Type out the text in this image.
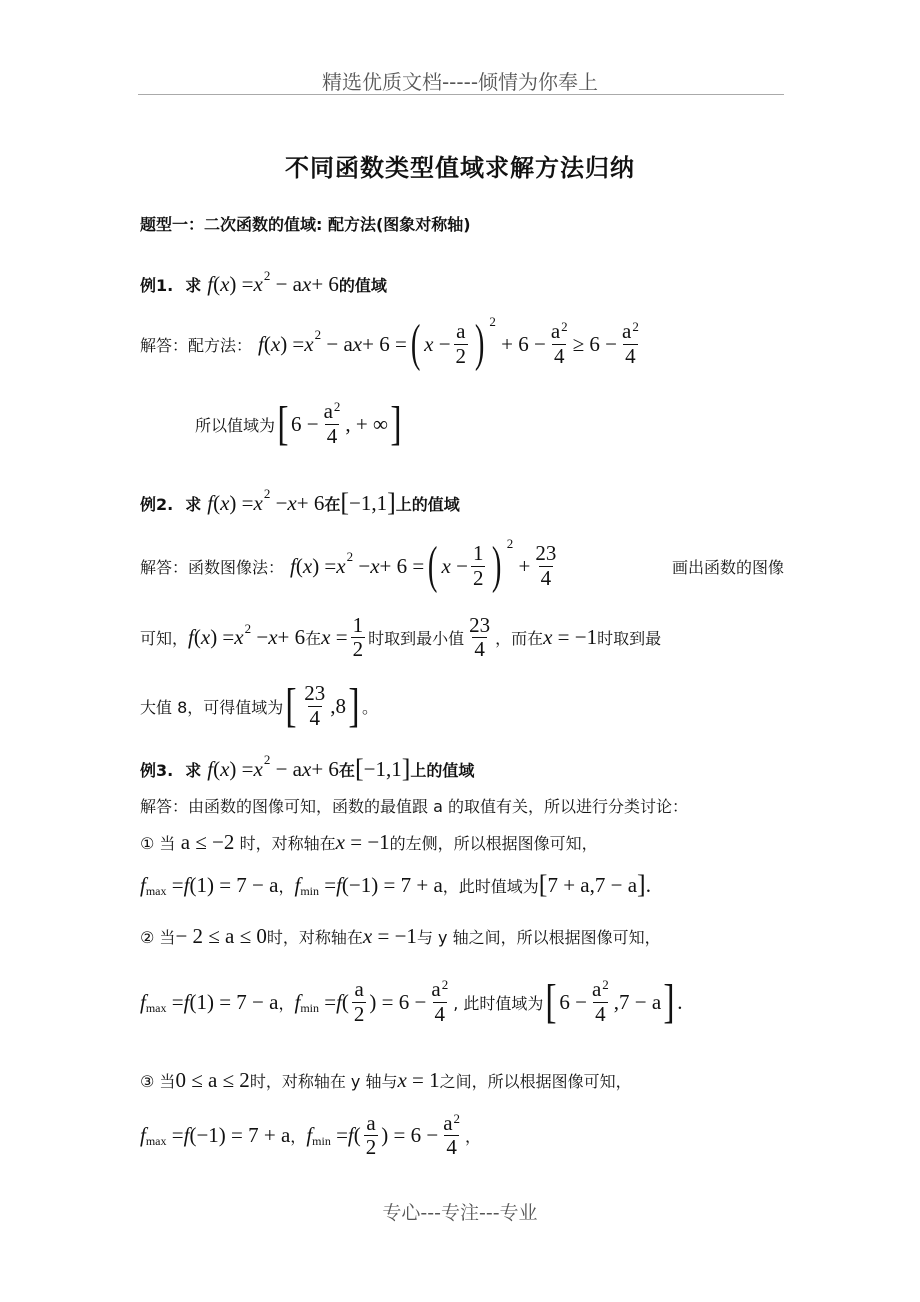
精选优质文档-----倾情为你奉上
不同函数类型值域求解方法归纳
题型一：二次函数的值域: 配方法(图象对称轴)
例1. 求 f ( x ) = x 2 − a x + 6 的值域
解答：配方法： f ( x ) = x 2 − a x + 6 = ( $x - \frac{a}{2}$ ) 2
+ $6 - \frac{a^2}{4} \ge 6 - \frac{a^2}{4}$
所以值域为 [ $6 - \frac{a^2}{4}$ , + ∞ ]
例2. 求 f ( x ) = x 2 − x + 6 在 [ −1,1 ] 上的值域
解答：函数图像法： f ( x ) = x 2 − x + 6 = ( $x - \frac{1}{2}$ ) 2
+ $\frac{23}{4}$	画出函数的图像
可知， f ( x ) = x 2 − x + 6 在 $x = \frac{1}{2}$ 时取到最小值 $\frac{23}{4}$ ，而在 x = −1 时取到最
大值 8，可得值域为 [ $\frac{23}{4} ,8$ ] 。
例3. 求 f ( x ) = x 2 − a x + 6 在 [ −1,1 ] 上的值域
解答：由函数的图像可知，函数的最值跟 a 的取值有关，所以进行分类讨论：
① 当 a ≤ −2 时，对称轴在 x = −1 的左侧，所以根据图像可知，
f max = f (1) = 7 − a ， f min = f (−1) = 7 + a ，此时值域为 [ 7 + a,7 − a ] .
② 当 − 2 ≤ a ≤ 0 时，对称轴在 x = −1 与 y 轴之间，所以根据图像可知，
f max = f (1) = 7 − a ， f min = f ( $\frac{a}{2}$ ) = $6 - \frac{a^2}{4}$ , 此时值域为 [ $6 - \frac{a^2}{4} ,7 - a$ ] .
③ 当 0 ≤ a ≤ 2 时，对称轴在 y 轴与 x = 1 之间，所以根据图像可知，
f max = f (−1) = 7 + a ， f min = f ( $\frac{a}{2}$ ) = $6 - \frac{a^2}{4}$ ，
专心---专注---专业
